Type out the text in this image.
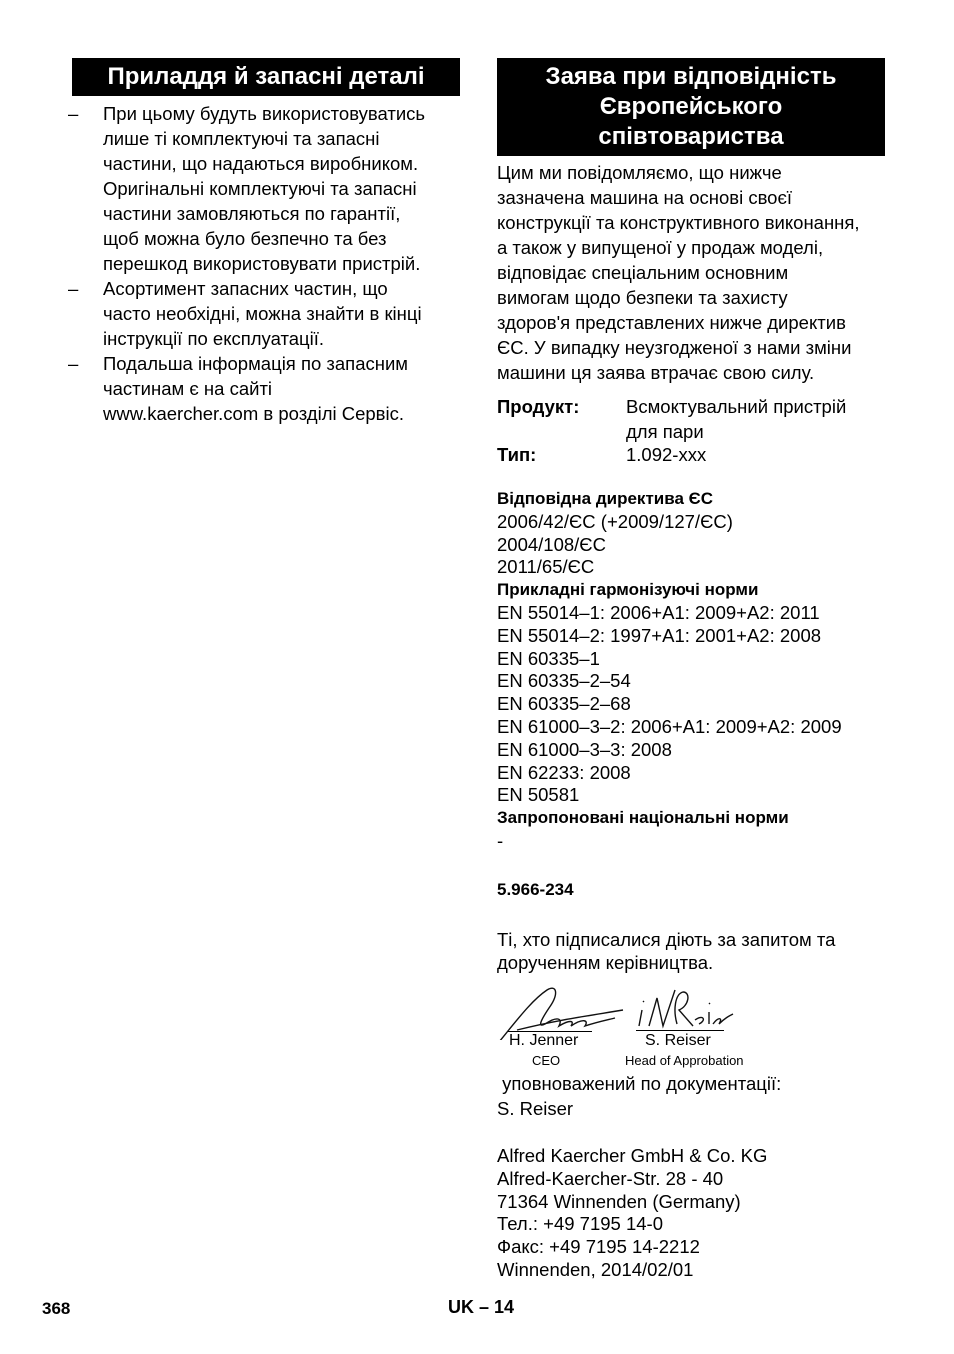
Приладдя й запасні деталі
– При цьому будуть використовуватись
лише ті комплектуючі та запасні
частини, що надаються виробником.
Оригінальні комплектуючі та запасні
частини замовляються по гарантії,
щоб можна було безпечно та без
перешкод використовувати пристрій.
– Асортимент запасних частин, що
часто необхідні, можна знайти в кінці
інструкції по експлуатації.
– Подальша інформація по запасним
частинам є на сайті
www.kaercher.com в розділі Сервіс.
Заява при відповідність
Європейського
співтовариства
Цим ми повідомляємо, що нижче
зазначена машина на основі своєї
конструкції та конструктивного виконання,
а також у випущеної у продаж моделі,
відповідає спеціальним основним
вимогам щодо безпеки та захисту
здоров'я представлених нижче директив
ЄС. У випадку неузгодженої з нами зміни
машини ця заява втрачає свою силу.
Продукт:	Всмоктувальний пристрій
для пари
Тип:	1.092-xxx
Відповідна директива ЄС
2006/42/ЄС (+2009/127/ЄС)
2004/108/ЄС
2011/65/ЄС
Прикладні гармонізуючі норми
EN 55014–1: 2006+A1: 2009+A2: 2011
EN 55014–2: 1997+A1: 2001+A2: 2008
EN 60335–1
EN 60335–2–54
EN 60335–2–68
EN 61000–3–2: 2006+A1: 2009+A2: 2009
EN 61000–3–3: 2008
EN 62233: 2008
EN 50581
Запропоновані національні норми
-
5.966-234
Ті, хто підписалися діють за запитом та
дорученням керівництва.
H. Jenner
CEO
S. Reiser
Head of Approbation
уповноважений по документації:
S. Reiser
Alfred Kaercher GmbH & Co. KG
Alfred-Kaercher-Str. 28 - 40
71364 Winnenden (Germany)
Тел.: +49 7195 14-0
Факс: +49 7195 14-2212
Winnenden, 2014/02/01
368	UK – 14
